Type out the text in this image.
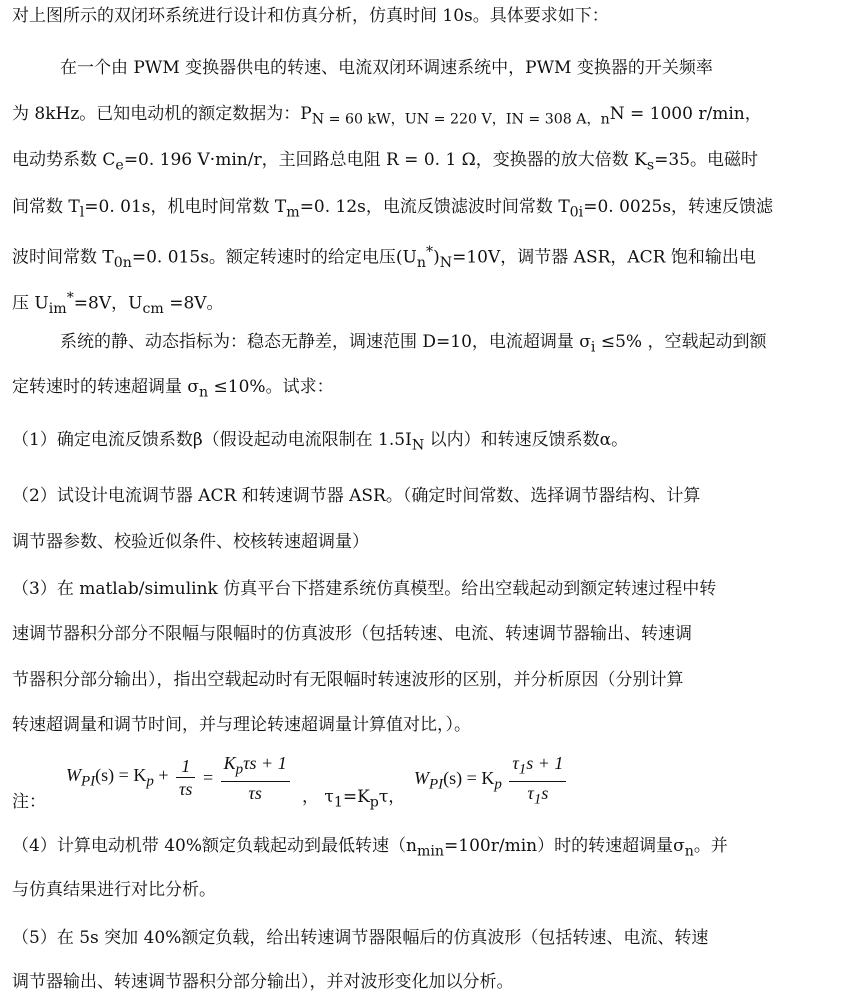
对上图所示的双闭环系统进行设计和仿真分析，仿真时间 10s。具体要求如下：
在一个由 PWM 变换器供电的转速、电流双闭环调速系统中，PWM 变换器的开关频率
为 8kHz。已知电动机的额定数据为：$P_{N = 60 kW,UN = 220 V,IN = 308 A,n}N = 1000$ r/min，
电动势系数 $C_e=0$. 196 V·min/r，主回路总电阻 R = 0. 1 Ω，变换器的放大倍数 $K_s=35$。电磁时
间常数 $T_l=0$. 01s，机电时间常数 $T_m=0$. 12s，电流反馈滤波时间常数 $T_{0i}=0$. 0025s，转速反馈滤
波时间常数 $T_{0n}=0$. 015s。额定转速时的给定电压$(U_n^*)_N=10V$，调节器 ASR，ACR 饱和输出电
压 $U_{im}^*=8V$，$U_{cm} =8V$。
系统的静、动态指标为：稳态无静差，调速范围 D=10，电流超调量 $\sigma_i \le 5\%$ ，空载起动到额
定转速时的转速超调量 $\sigma_n \le 10\%$。试求：
（1）确定电流反馈系数β（假设起动电流限制在 $1.5I_N$ 以内）和转速反馈系数α。
（2）试设计电流调节器 ACR 和转速调节器 ASR。（确定时间常数、选择调节器结构、计算
调节器参数、校验近似条件、校核转速超调量）
（3）在 matlab/simulink 仿真平台下搭建系统仿真模型。给出空载起动到额定转速过程中转
速调节器积分部分不限幅与限幅时的仿真波形（包括转速、电流、转速调节器输出、转速调
节器积分部分输出），指出空载起动时有无限幅时转速波形的区别，并分析原因（分别计算
转速超调量和调节时间，并与理论转速超调量计算值对比，）。
注：
$W_{PI}(s) = K_p + \frac{1}{\tau s} = \frac{K_p\tau s + 1}{\tau s}$ ， $\tau_1=K_p\tau$，
$W_{PI}(s) = K_p \frac{\tau_1s + 1}{\tau_1s}$
（4）计算电动机带 40%额定负载起动到最低转速$(n_{min}=100r/\min)$时的转速超调量$\sigma_n$。并
与仿真结果进行对比分析。
（5）在 5s 突加 40%额定负载，给出转速调节器限幅后的仿真波形（包括转速、电流、转速
调节器输出、转速调节器积分部分输出），并对波形变化加以分析。
